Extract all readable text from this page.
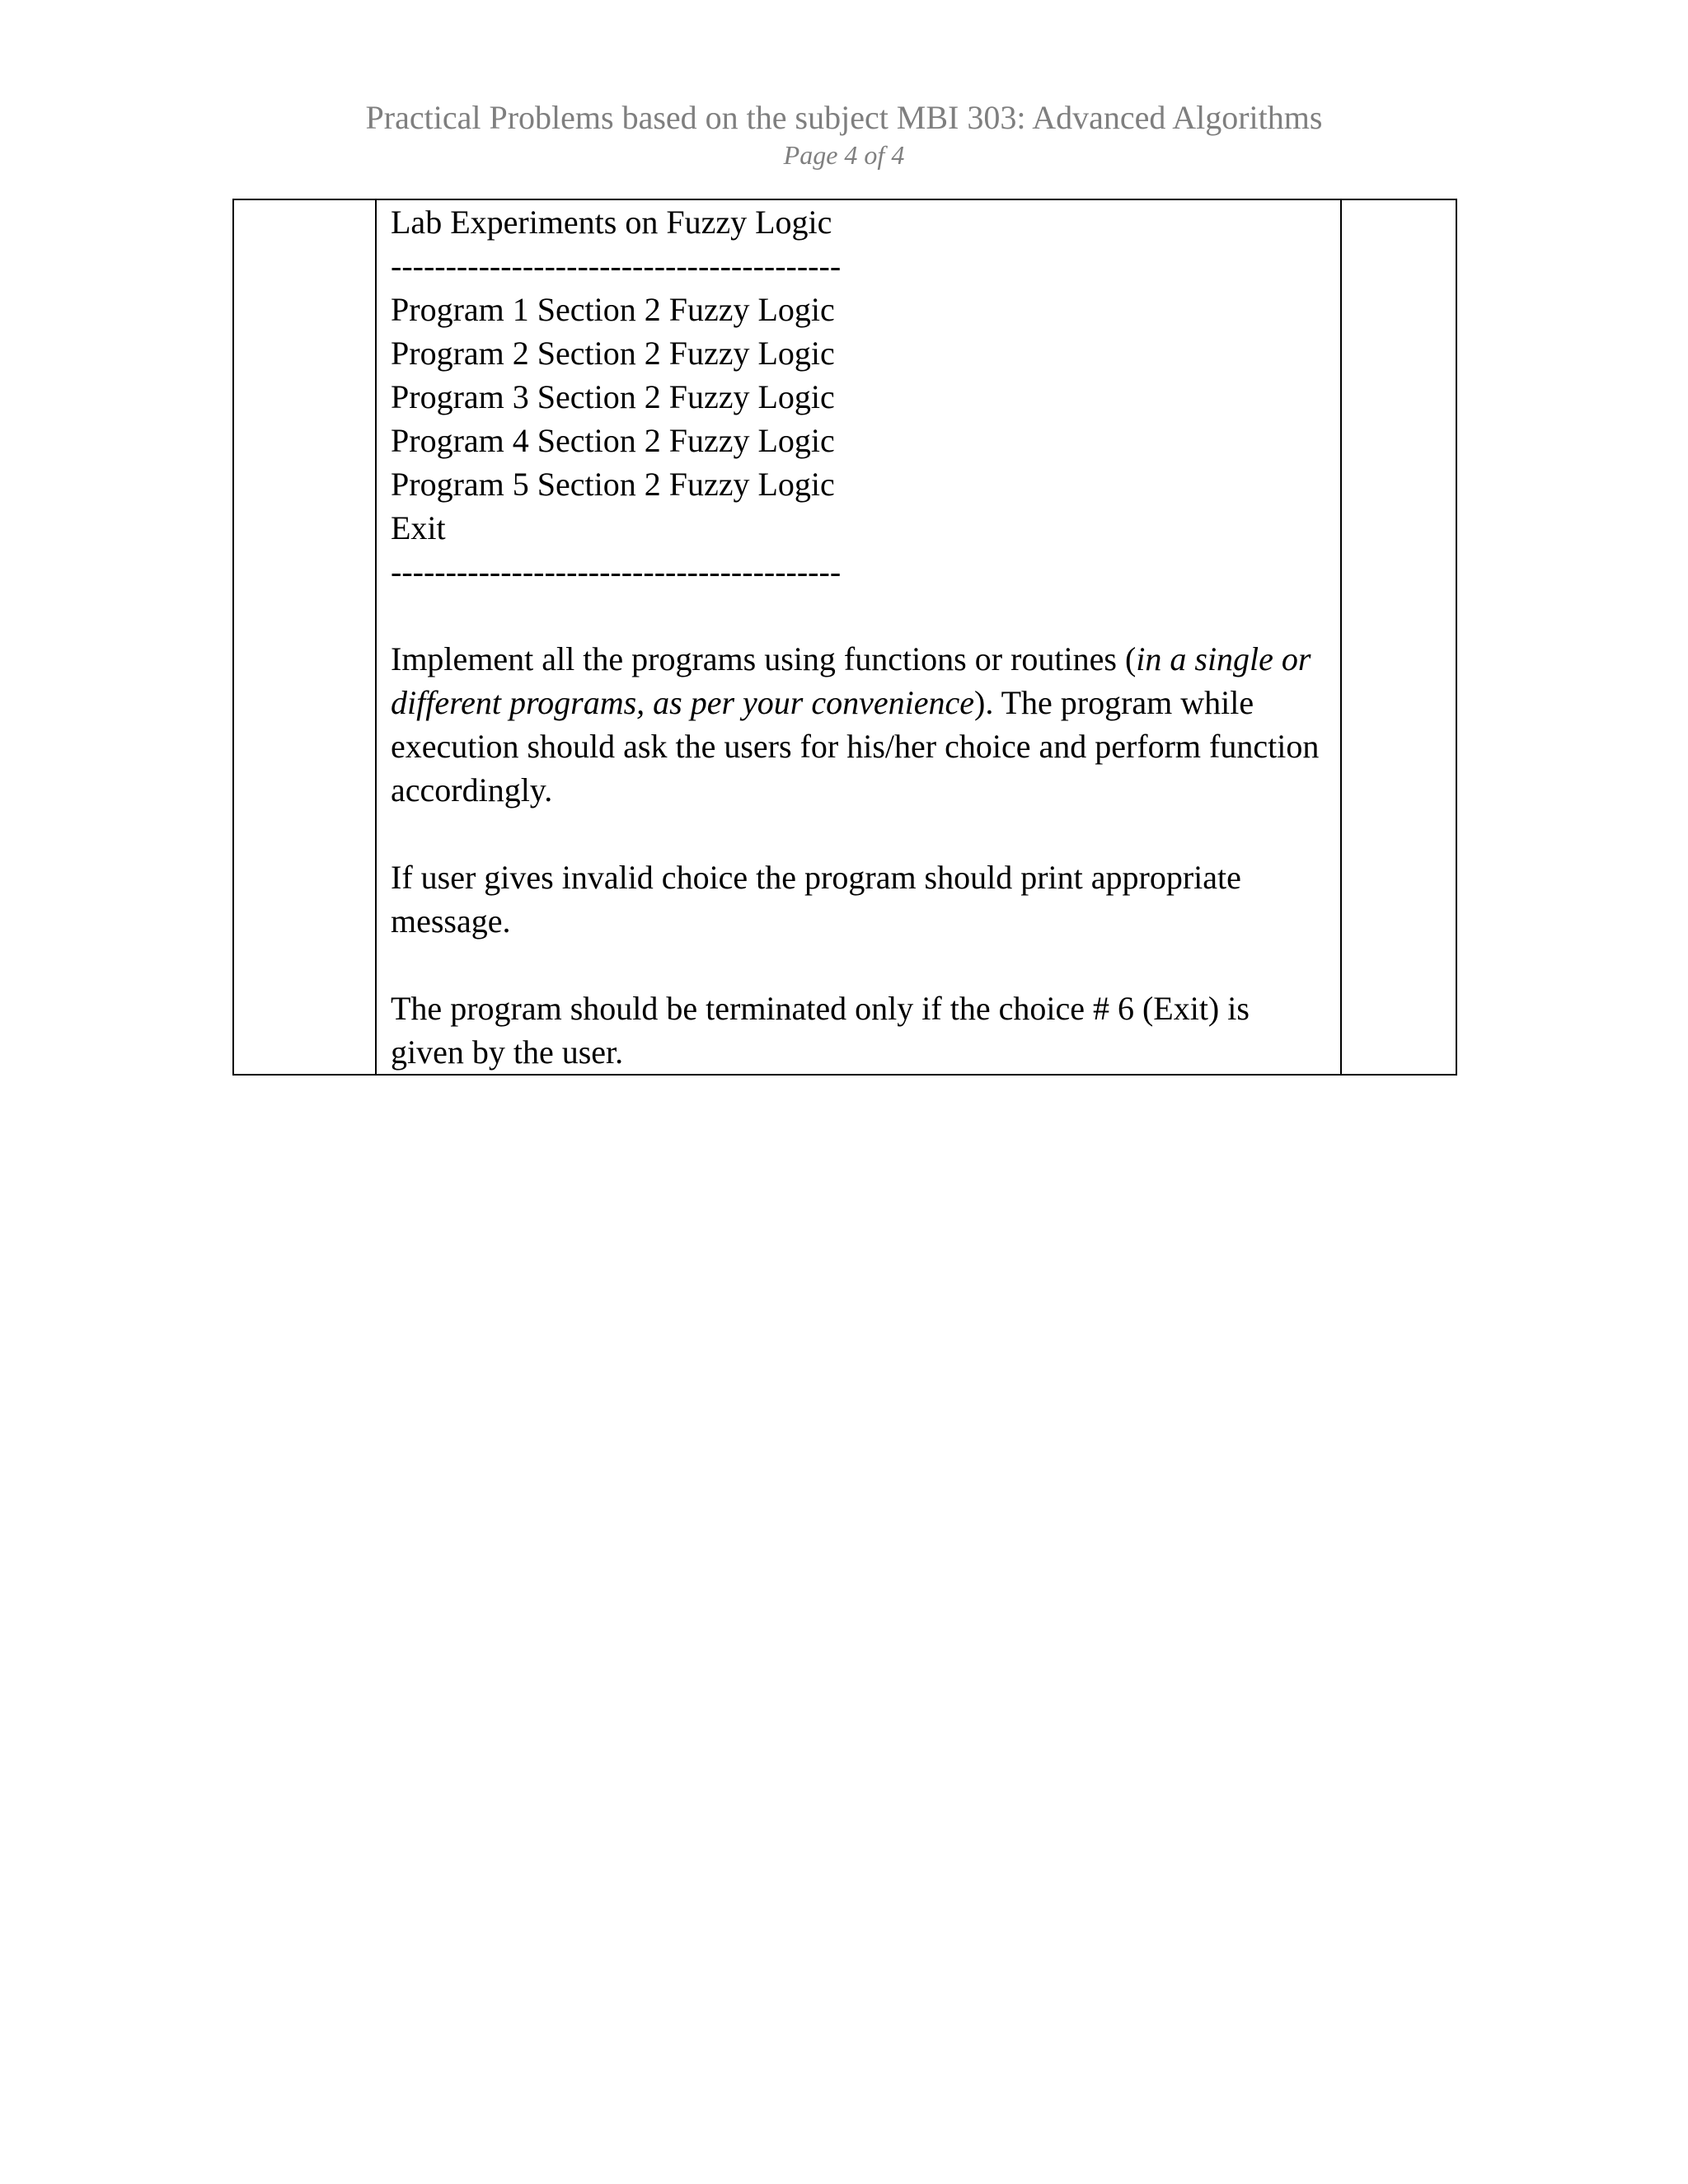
Practical Problems based on the subject MBI 303: Advanced Algorithms
Page 4 of 4

Lab Experiments on Fuzzy Logic
-----------------------------------------
Program 1 Section 2 Fuzzy Logic
Program 2 Section 2 Fuzzy Logic
Program 3 Section 2 Fuzzy Logic
Program 4 Section 2 Fuzzy Logic
Program 5 Section 2 Fuzzy Logic
Exit
-----------------------------------------
Implement all the programs using functions or routines (in a single or different programs, as per your convenience). The program while execution should ask the users for his/her choice and perform function accordingly.
If user gives invalid choice the program should print appropriate message.
The program should be terminated only if the choice # 6 (Exit) is given by the user.
